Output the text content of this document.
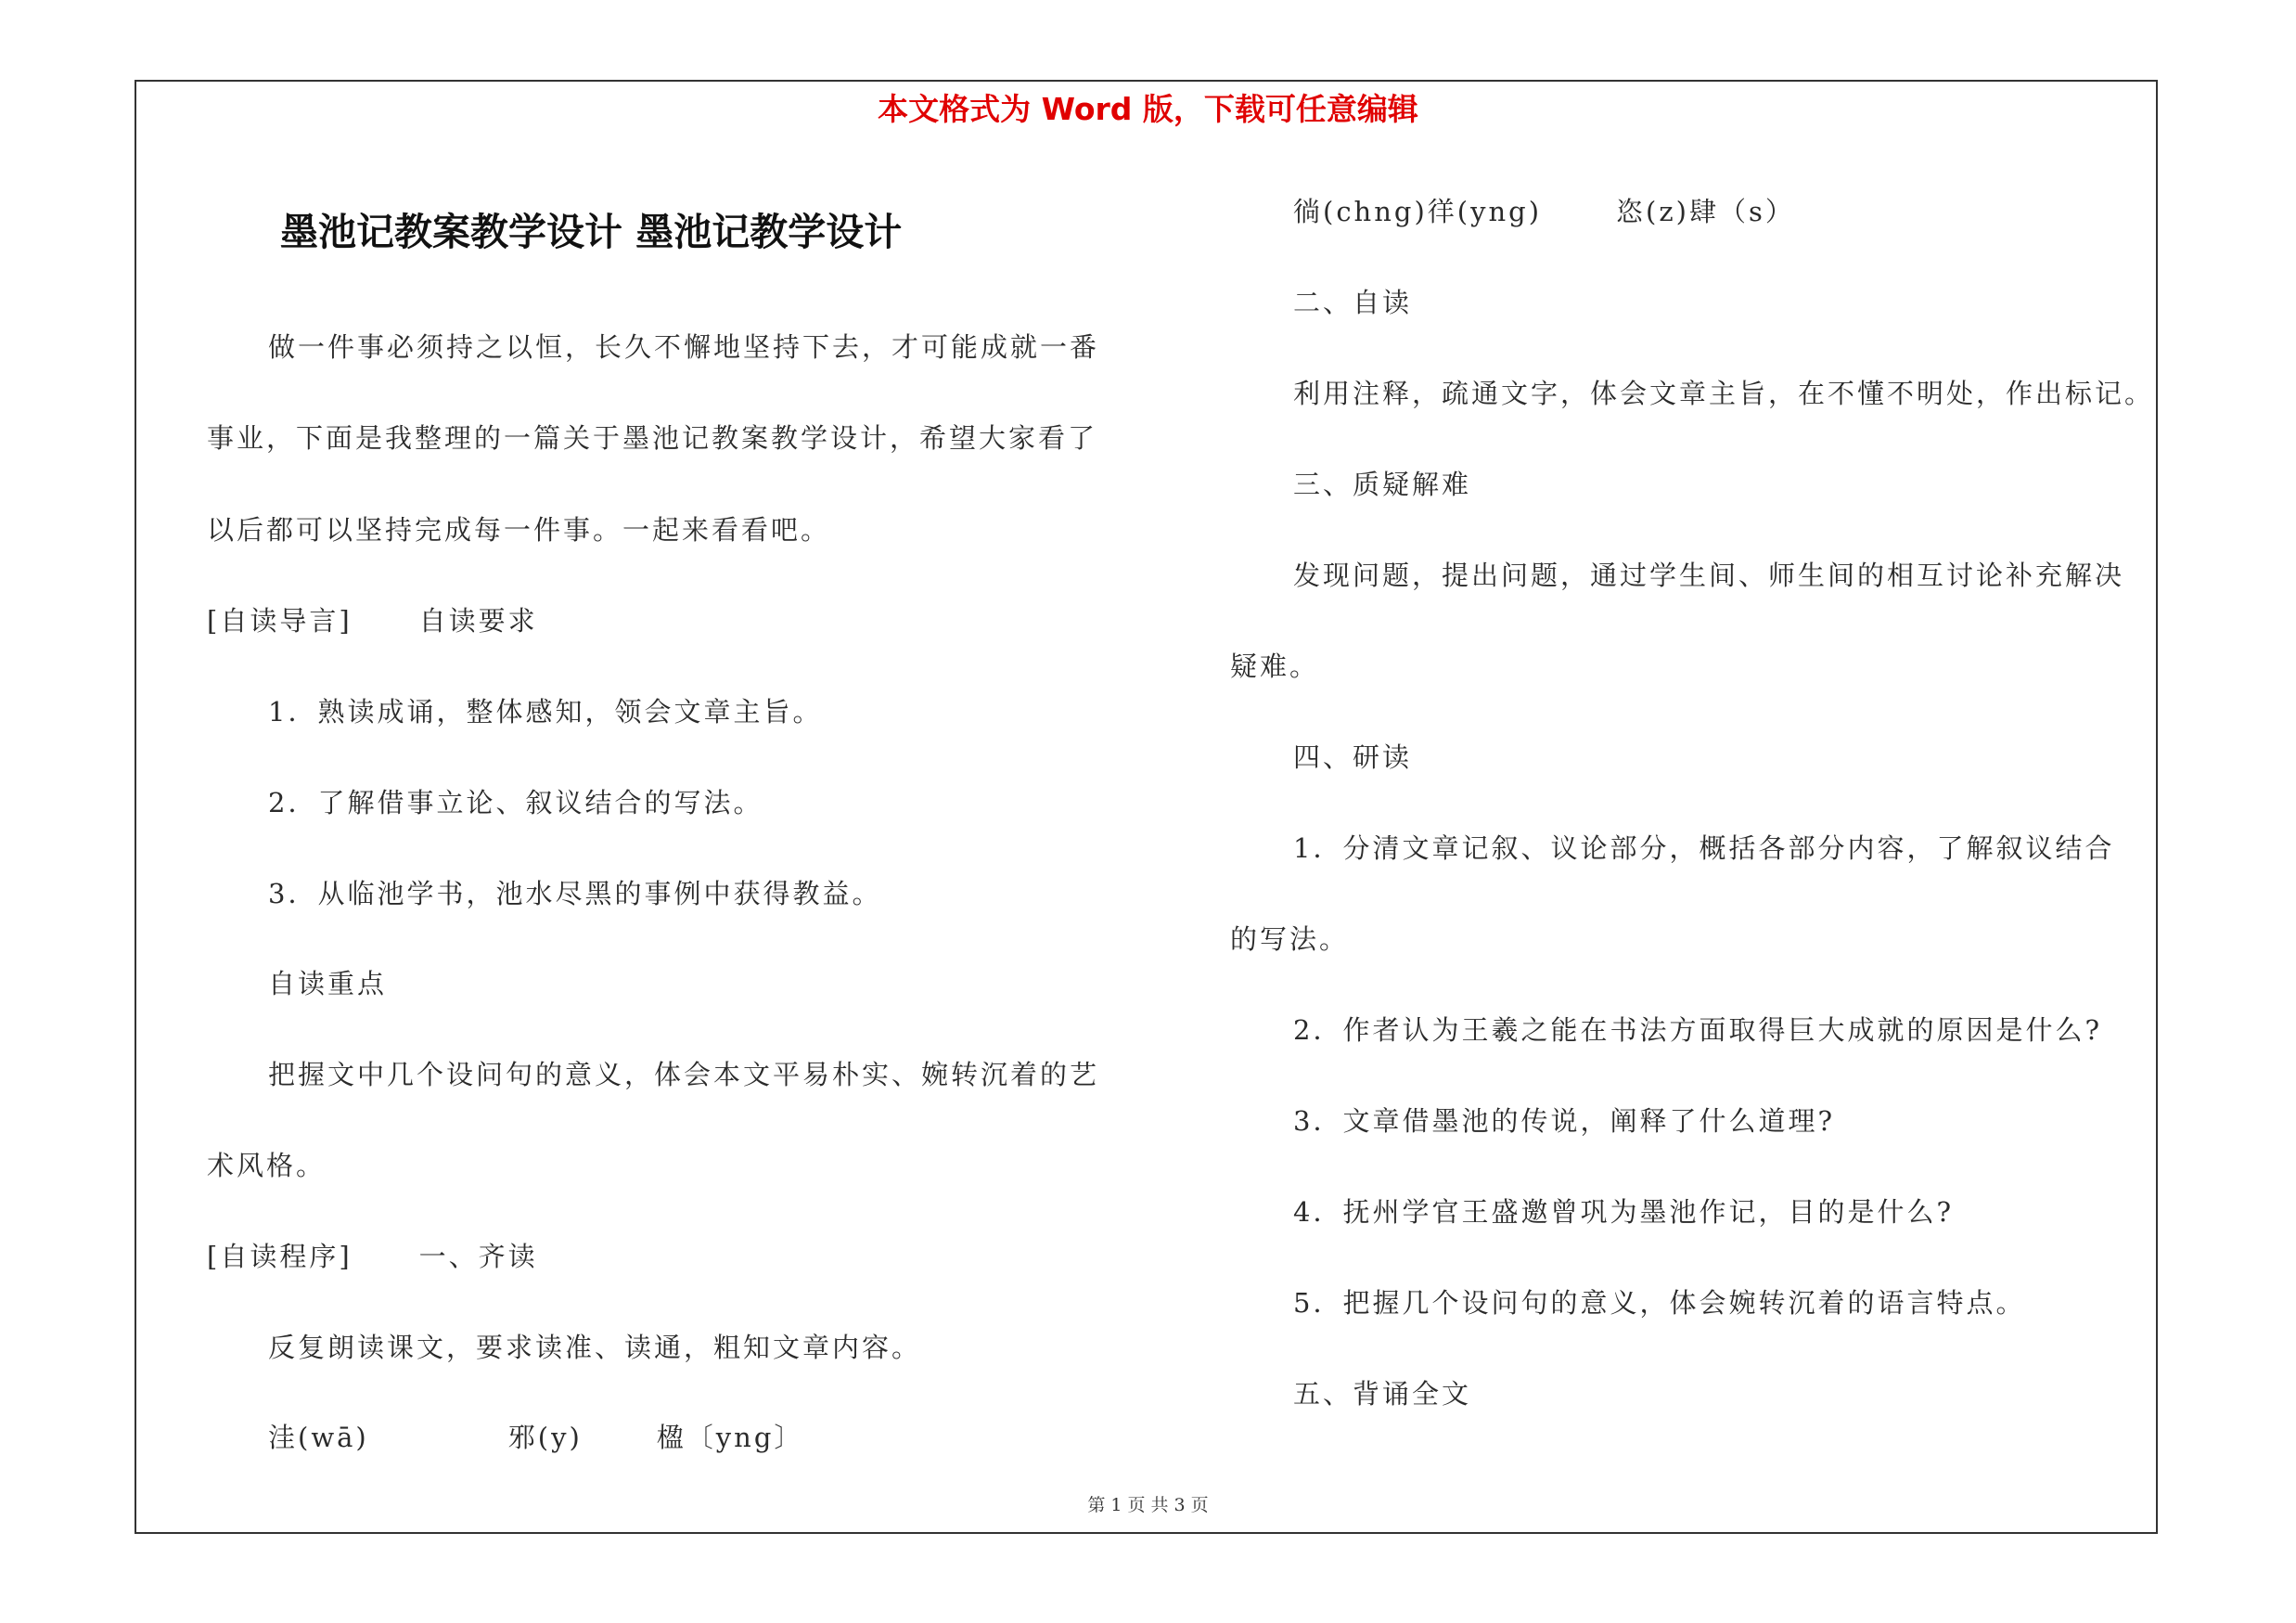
本文格式为 Word 版，下载可任意编辑
墨池记教案教学设计 墨池记教学设计
做一件事必须持之以恒，长久不懈地坚持下去，才可能成就一番
事业，下面是我整理的一篇关于墨池记教案教学设计，希望大家看了
以后都可以坚持完成每一件事。一起来看看吧。
[自读导言] 自读要求
1．熟读成诵，整体感知，领会文章主旨。
2．了解借事立论、叙议结合的写法。
3．从临池学书，池水尽黑的事例中获得教益。
自读重点
把握文中几个设问句的意义，体会本文平易朴实、婉转沉着的艺
术风格。
[自读程序] 一、齐读
反复朗读课文，要求读准、读通，粗知文章内容。
洼(wā)	邪(y)	楹〔yng〕
徜(chng)徉(yng)	恣(z)肆（s）
二、自读
利用注释，疏通文字，体会文章主旨，在不懂不明处，作出标记。
三、质疑解难
发现问题，提出问题，通过学生间、师生间的相互讨论补充解决
疑难。
四、研读
1．分清文章记叙、议论部分，概括各部分内容，了解叙议结合
的写法。
2．作者认为王羲之能在书法方面取得巨大成就的原因是什么?
3．文章借墨池的传说，阐释了什么道理?
4．抚州学官王盛邀曾巩为墨池作记，目的是什么?
5．把握几个设问句的意义，体会婉转沉着的语言特点。
五、背诵全文
第 1 页 共 3 页
